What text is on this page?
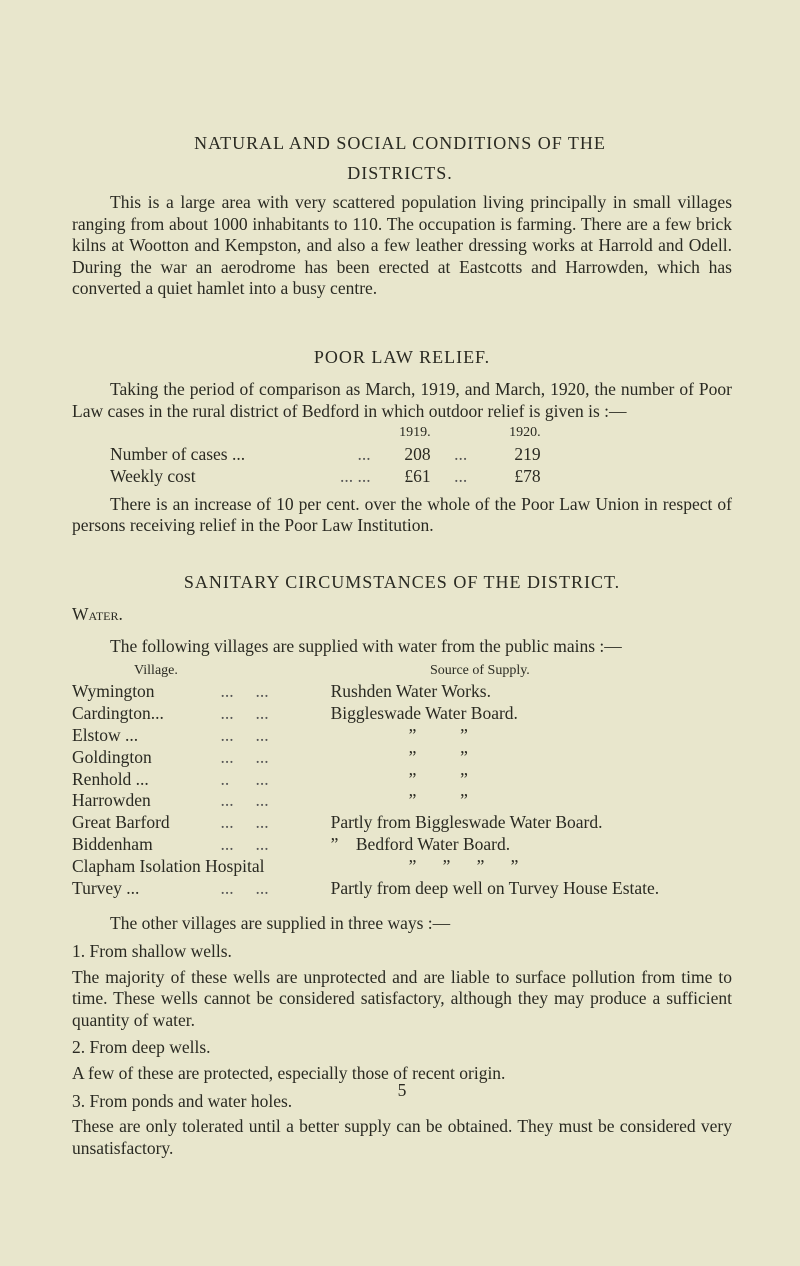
NATURAL AND SOCIAL CONDITIONS OF THE DISTRICTS.

This is a large area with very scattered population living principally in small villages ranging from about 1000 inhabitants to 110. The occupation is farming. There are a few brick kilns at Wootton and Kempston, and also a few leather dressing works at Harrold and Odell. During the war an aerodrome has been erected at Eastcotts and Harrowden, which has converted a quiet hamlet into a busy centre.

POOR LAW RELIEF.

Taking the period of comparison as March, 1919, and March, 1920, the number of Poor Law cases in the rural district of Bedford in which outdoor relief is given is :—

		1919.		1920.
Number of cases ...	...	208	...	219
Weekly cost	... ...	£61	...	£78

There is an increase of 10 per cent. over the whole of the Poor Law Union in respect of persons receiving relief in the Poor Law Institution.

SANITARY CIRCUMSTANCES OF THE DISTRICT.
Water.

The following villages are supplied with water from the public mains :—

Village.		Source of Supply.
Wymington	...     ...	Rushden Water Works.
Cardington...	...     ...	Biggleswade Water Board.
Elstow ...	...     ...	”          ”
Goldington	...     ...	”          ”
Renhold ...	..      ...	”          ”
Harrowden	...     ...	”          ”
Great Barford	...     ...	Partly from Biggleswade Water Board.
Biddenham	...     ...	”    Bedford Water Board.
Clapham Isolation Hospital		”      ”      ”      ”
Turvey ...	...     ...	Partly from deep well on Turvey House Estate.

The other villages are supplied in three ways :—

1. From shallow wells.

The majority of these wells are unprotected and are liable to surface pollution from time to time. These wells cannot be considered satisfactory, although they may produce a sufficient quantity of water.

2. From deep wells.

A few of these are protected, especially those of recent origin.

3. From ponds and water holes.

These are only tolerated until a better supply can be obtained. They must be considered very unsatisfactory.

5
